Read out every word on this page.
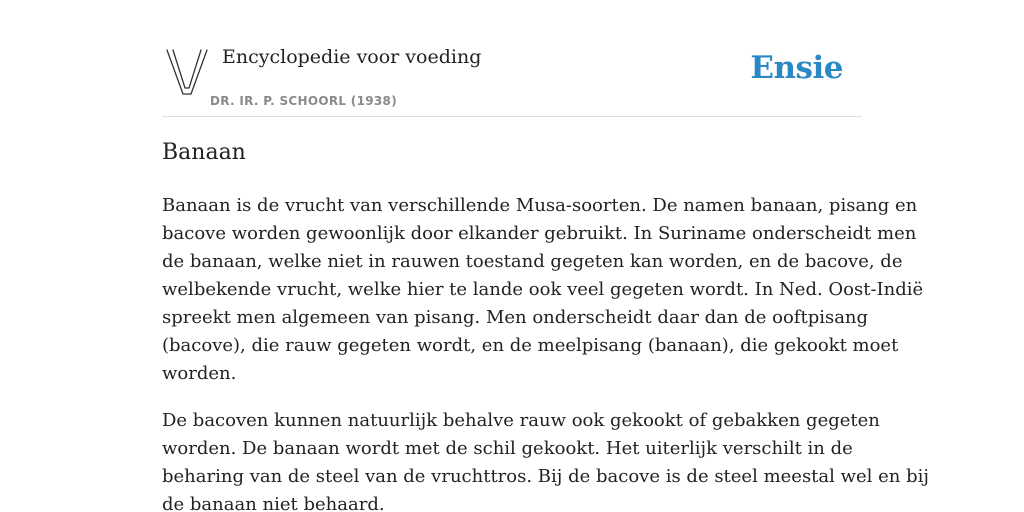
Encyclopedie voor voeding
DR. IR. P. SCHOORL (1938)
Ensie
Banaan

Banaan is de vrucht van verschillende Musa-soorten. De namen banaan, pisang en
bacove worden gewoonlijk door elkander gebruikt. In Suriname onderscheidt men
de banaan, welke niet in rauwen toestand gegeten kan worden, en de bacove, de
welbekende vrucht, welke hier te lande ook veel gegeten wordt. In Ned. Oost-Indië
spreekt men algemeen van pisang. Men onderscheidt daar dan de ooftpisang
(bacove), die rauw gegeten wordt, en de meelpisang (banaan), die gekookt moet
worden.

De bacoven kunnen natuurlijk behalve rauw ook gekookt of gebakken gegeten
worden. De banaan wordt met de schil gekookt. Het uiterlijk verschilt in de
beharing van de steel van de vruchttros. Bij de bacove is de steel meestal wel en bij
de banaan niet behaard.
